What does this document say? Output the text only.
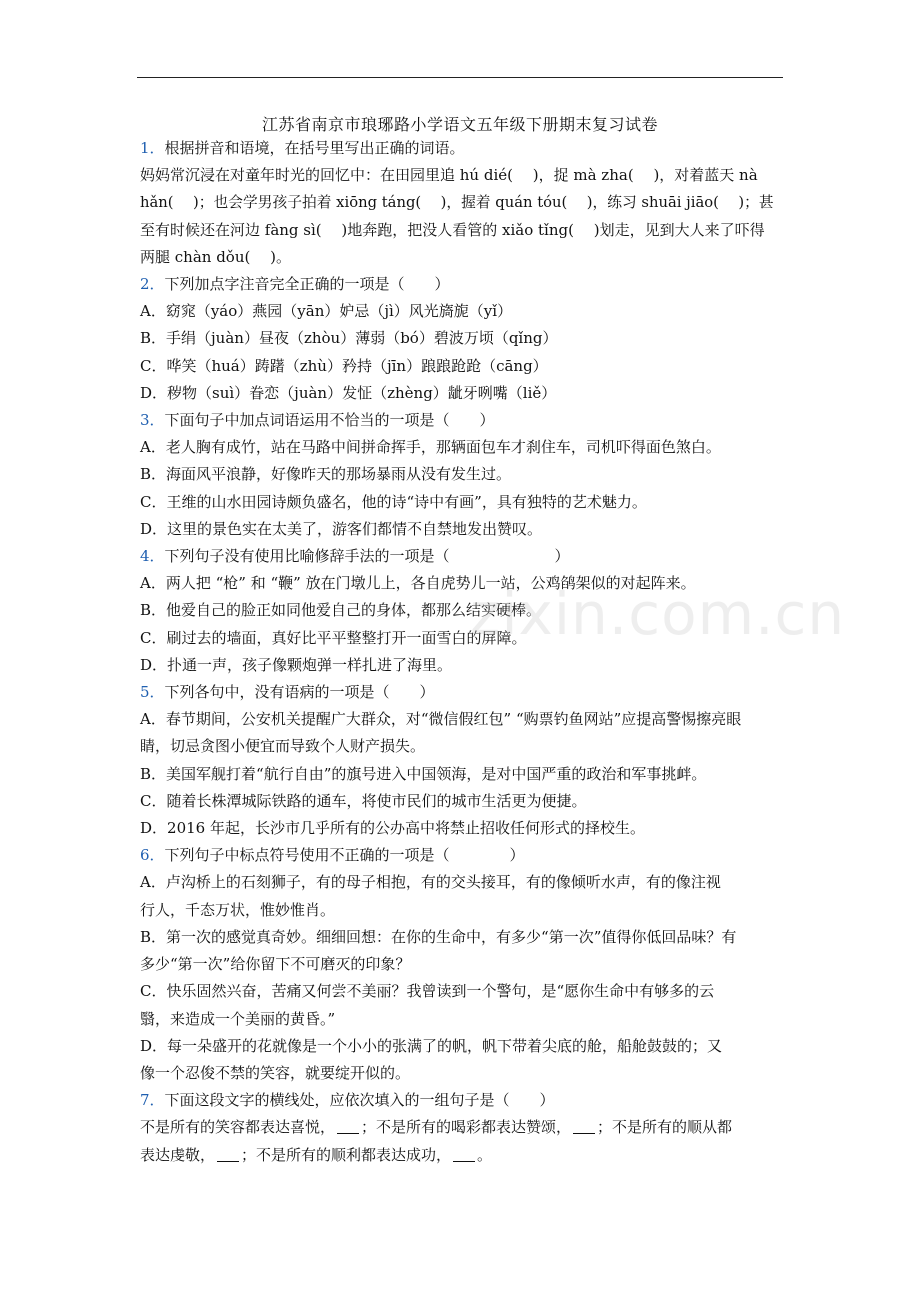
江苏省南京市琅琊路小学语文五年级下册期末复习试卷
1．根据拼音和语境，在括号里写出正确的词语。
妈妈常沉浸在对童年时光的回忆中：在田园里追 hú dié(　 )，捉 mà zha(　 )，对着蓝天 nà
hǎn(　 )；也会学男孩子拍着 xiōng táng(　 )，握着 quán tóu(　 )，练习 shuāi jiāo(　 )；甚
至有时候还在河边 fàng sì(　 )地奔跑，把没人看管的 xiǎo tǐng(　 )划走，见到大人来了吓得
两腿 chàn dǒu(　 )。
2．下列加点字注音完全正确的一项是（　　）
A．窈窕（yáo）燕园（yān）妒忌（jì）风光旖旎（yǐ）
B．手绢（juàn）昼夜（zhòu）薄弱（bó）碧波万顷（qǐng）
C．哗笑（huá）踌躇（zhù）矜持（jīn）踉踉跄跄（cāng）
D．秽物（suì）眷恋（juàn）发怔（zhèng）龇牙咧嘴（liě）
3．下面句子中加点词语运用不恰当的一项是（　　）
A．老人胸有成竹，站在马路中间拼命挥手，那辆面包车才刹住车，司机吓得面色煞白。
B．海面风平浪静，好像昨天的那场暴雨从没有发生过。
C．王维的山水田园诗颇负盛名，他的诗“诗中有画”，具有独特的艺术魅力。
D．这里的景色实在太美了，游客们都情不自禁地发出赞叹。
4．下列句子没有使用比喻修辞手法的一项是（　　　　　　　）
A．两人把 “枪” 和 “鞭” 放在门墩儿上，各自虎势儿一站，公鸡鹐架似的对起阵来。
B．他爱自己的脸正如同他爱自己的身体，都那么结实硬棒。
C．刷过去的墙面，真好比平平整整打开一面雪白的屏障。
D．扑通一声，孩子像颗炮弹一样扎进了海里。
5．下列各句中，没有语病的一项是（　　）
A．春节期间，公安机关提醒广大群众，对“微信假红包” “购票钓鱼网站”应提高警惕擦亮眼
睛，切忌贪图小便宜而导致个人财产损失。
B．美国军舰打着“航行自由”的旗号进入中国领海，是对中国严重的政治和军事挑衅。
C．随着长株潭城际铁路的通车，将使市民们的城市生活更为便捷。
D．2016 年起，长沙市几乎所有的公办高中将禁止招收任何形式的择校生。
6．下列句子中标点符号使用不正确的一项是（　　　　）
A．卢沟桥上的石刻狮子，有的母子相抱，有的交头接耳，有的像倾听水声，有的像注视
行人，千态万状，惟妙惟肖。
B．第一次的感觉真奇妙。细细回想：在你的生命中，有多少“第一次”值得你低回品味？有
多少“第一次”给你留下不可磨灭的印象？
C．快乐固然兴奋，苦痛又何尝不美丽？我曾读到一个警句，是“愿你生命中有够多的云
翳，来造成一个美丽的黄昏。”
D．每一朵盛开的花就像是一个小小的张满了的帆，帆下带着尖底的舱，船舱鼓鼓的；又
像一个忍俊不禁的笑容，就要绽开似的。
7．下面这段文字的横线处，应依次填入的一组句子是（　　）
不是所有的笑容都表达喜悦， ；不是所有的喝彩都表达赞颂， ；不是所有的顺从都
表达虔敬， ；不是所有的顺利都表达成功， 。
zixin.com.cn
